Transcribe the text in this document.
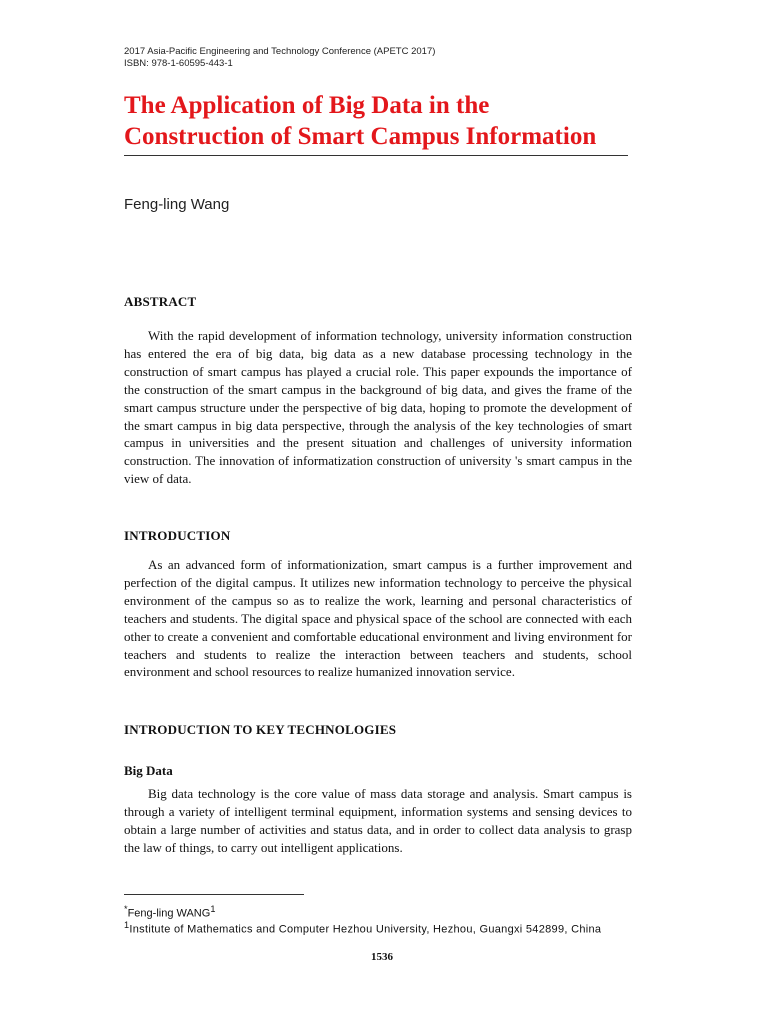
2017 Asia-Pacific Engineering and Technology Conference (APETC 2017)
ISBN: 978-1-60595-443-1
The Application of Big Data in the Construction of Smart Campus Information
Feng-ling Wang
ABSTRACT

With the rapid development of information technology, university information construction has entered the era of big data, big data as a new database processing technology in the construction of smart campus has played a crucial role. This paper expounds the importance of the construction of the smart campus in the background of big data, and gives the frame of the smart campus structure under the perspective of big data, hoping to promote the development of the smart campus in big data perspective, through the analysis of the key technologies of smart campus in universities and the present situation and challenges of university information construction. The innovation of informatization construction of university 's smart campus in the view of data.

INTRODUCTION

As an advanced form of informationization, smart campus is a further improvement and perfection of the digital campus. It utilizes new information technology to perceive the physical environment of the campus so as to realize the work, learning and personal characteristics of teachers and students. The digital space and physical space of the school are connected with each other to create a convenient and comfortable educational environment and living environment for teachers and students to realize the interaction between teachers and students, school environment and school resources to realize humanized innovation service.

INTRODUCTION TO KEY TECHNOLOGIES
Big Data

Big data technology is the core value of mass data storage and analysis. Smart campus is through a variety of intelligent terminal equipment, information systems and sensing devices to obtain a large number of activities and status data, and in order to collect data analysis to grasp the law of things, to carry out intelligent applications.

*Feng-ling WANG$^1$
$^1$Institute of Mathematics and Computer Hezhou University, Hezhou, Guangxi 542899, China
1536
